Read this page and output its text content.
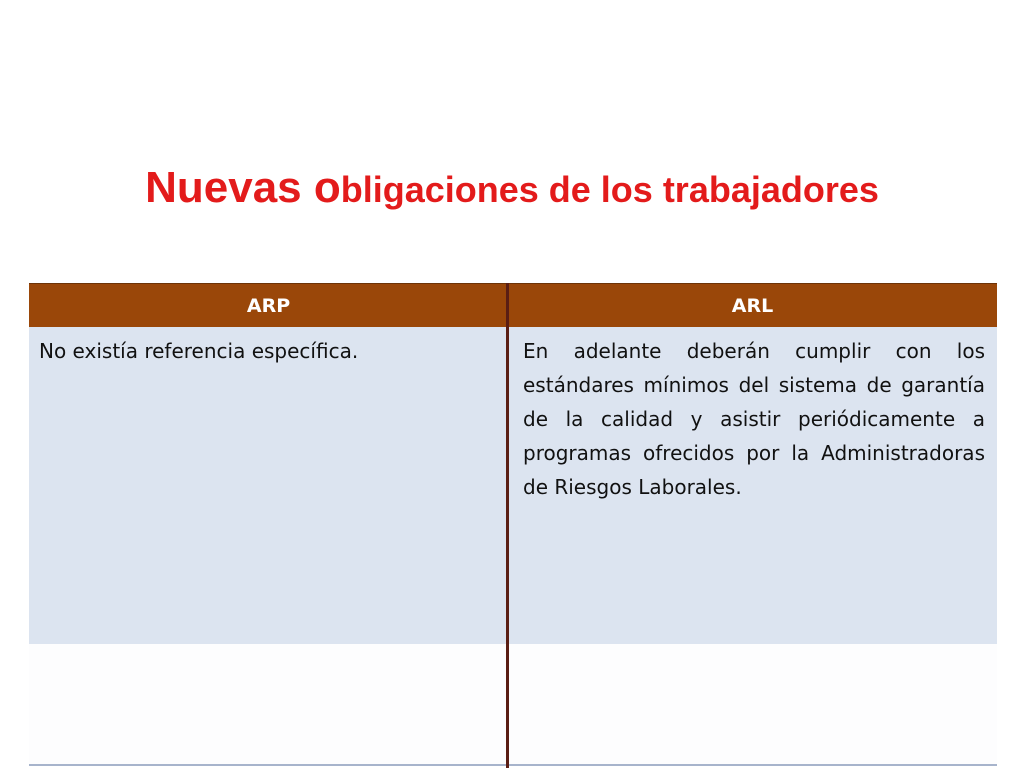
Nuevas obligaciones de los trabajadores
ARP	ARL
No existía referencia específica.	En adelante deberán cumplir con los estándares mínimos del sistema de garantía de la calidad y asistir periódicamente a programas ofrecidos por la Administradoras de Riesgos Laborales.
